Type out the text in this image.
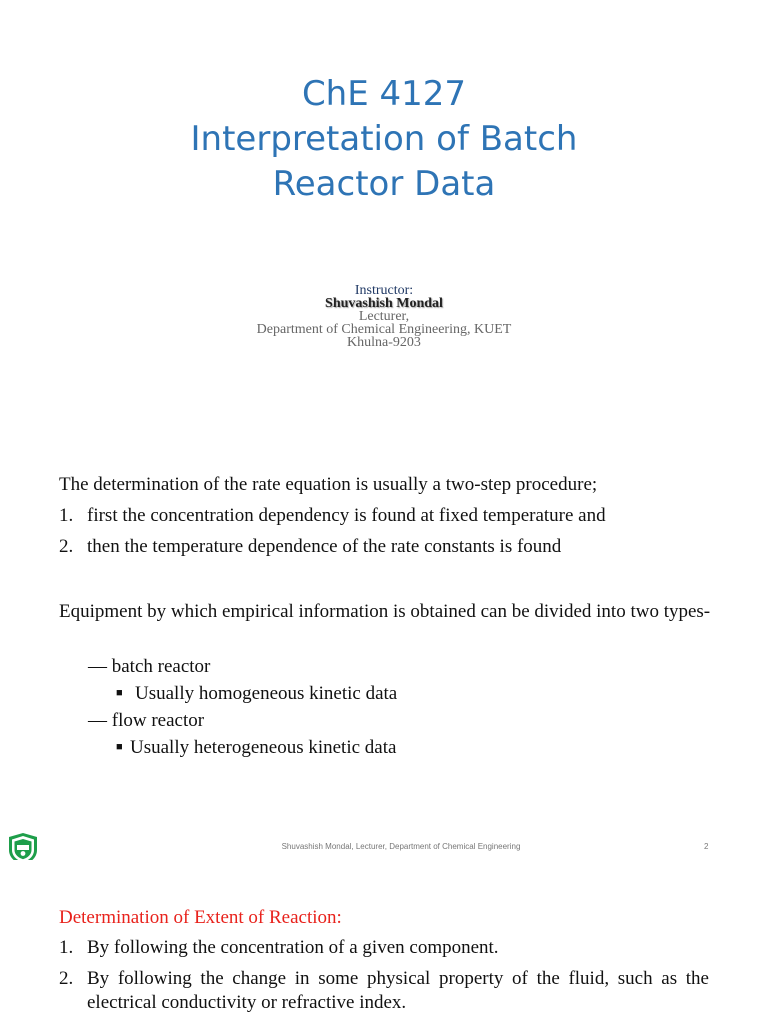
ChE 4127
Interpretation of Batch
Reactor Data
Instructor:
Shuvashish Mondal
Lecturer,
Department of Chemical Engineering, KUET
Khulna-9203
The determination of the rate equation is usually a two-step procedure;
1. first the concentration dependency is found at fixed temperature and
2. then the temperature dependence of the rate constants is found
Equipment by which empirical information is obtained can be divided into two types-
— batch reactor
■ Usually homogeneous kinetic data
— flow reactor
■ Usually heterogeneous kinetic data
Shuvashish Mondal, Lecturer, Department of Chemical Engineering	2
Determination of Extent of Reaction:
1. By following the concentration of a given component.
2. By following the change in some physical property of the fluid, such as the electrical conductivity or refractive index.
